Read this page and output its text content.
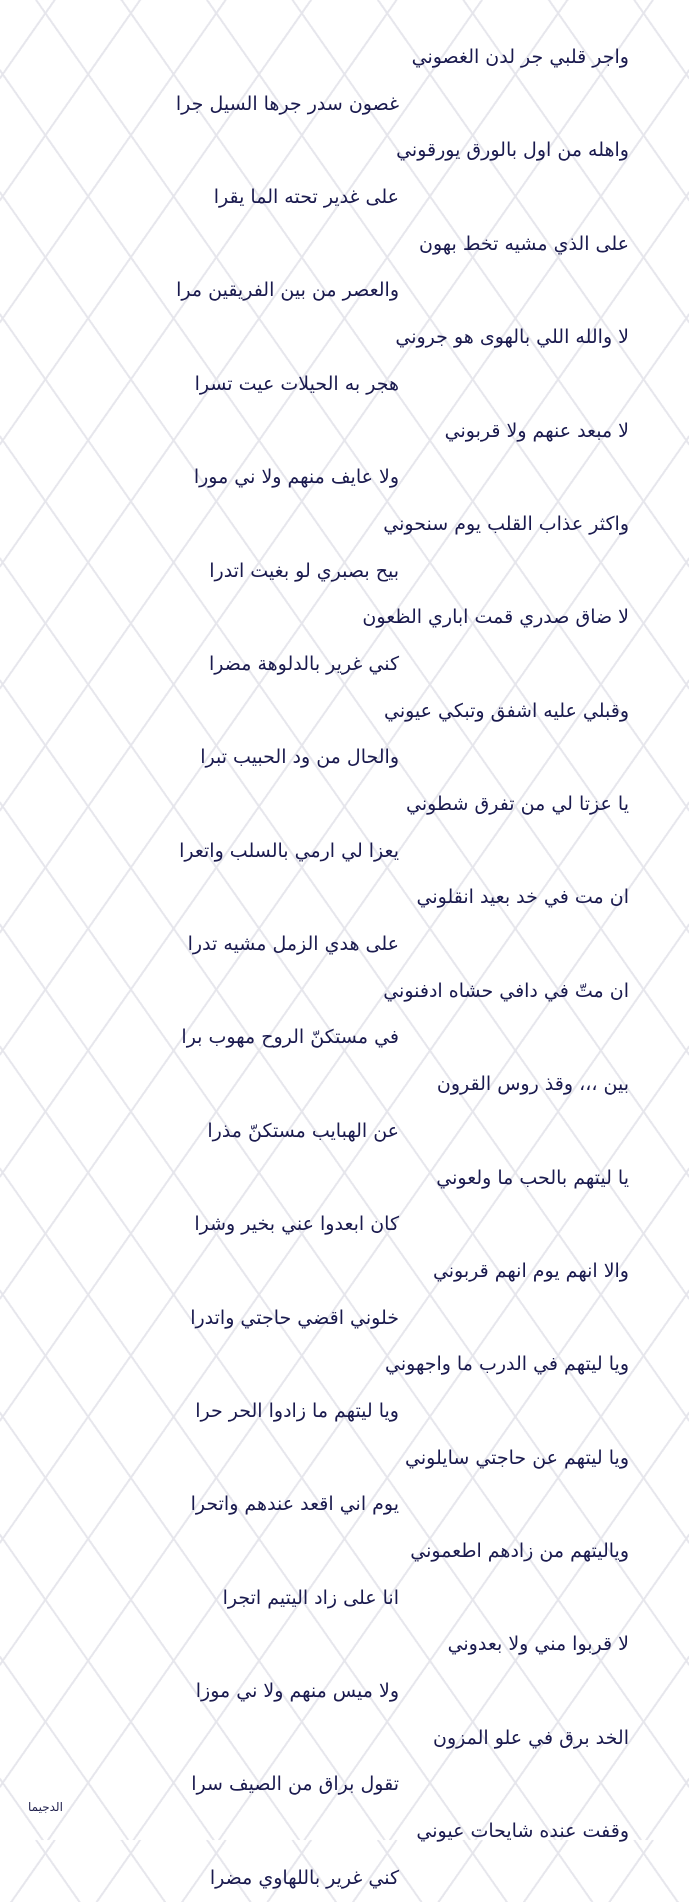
واجر قلبي جر لدن الغصوني
غصون سدر جرها السيل جرا
واهله من اول بالورق يورقوني
على غدير تحته الما يقرا
على الذي مشيه تخط بهون
والعصر من بين الفريقين مرا
لا والله اللي بالهوى هو جروني
هجر به الحيلات عيت تسرا
لا مبعد عنهم ولا قربوني
ولا عايف منهم ولا ني مورا
واكثر عذاب القلب يوم سنحوني
بيح بصبري لو بغيت اتدرا
لا ضاق صدري قمت اباري الظعون
كني غرير بالدلوهة مضرا
وقبلي عليه اشفق وتبكي عيوني
والحال من ود الحبيب تبرا
يا عزتا لي من تفرق شطوني
يعزا لي ارمي بالسلب واتعرا
ان مت في خد بعيد انقلوني
على هدي الزمل مشيه تدرا
ان متّ في دافي حشاه ادفنوني
في مستكنّ الروح مهوب برا
بين ،،، وقذ روس القرون
عن الهبايب مستكنّ مذرا
يا ليتهم بالحب ما ولعوني
كان ابعدوا عني بخير وشرا
والا انهم يوم انهم قربوني
خلوني اقضي حاجتي واتدرا
ويا ليتهم في الدرب ما واجهوني
ويا ليتهم ما زادوا الحر حرا
ويا ليتهم عن حاجتي سايلوني
يوم اني اقعد عندهم واتحرا
وياليتهم من زادهم اطعموني
انا على زاد اليتيم اتجرا
لا قربوا مني ولا بعدوني
ولا ميس منهم ولا ني موزا
الخد برق في علو المزون
تقول براق من الصيف سرا
وقفت عنده شايحات عيوني
كني غرير باللهاوي مضرا
الدجيما
